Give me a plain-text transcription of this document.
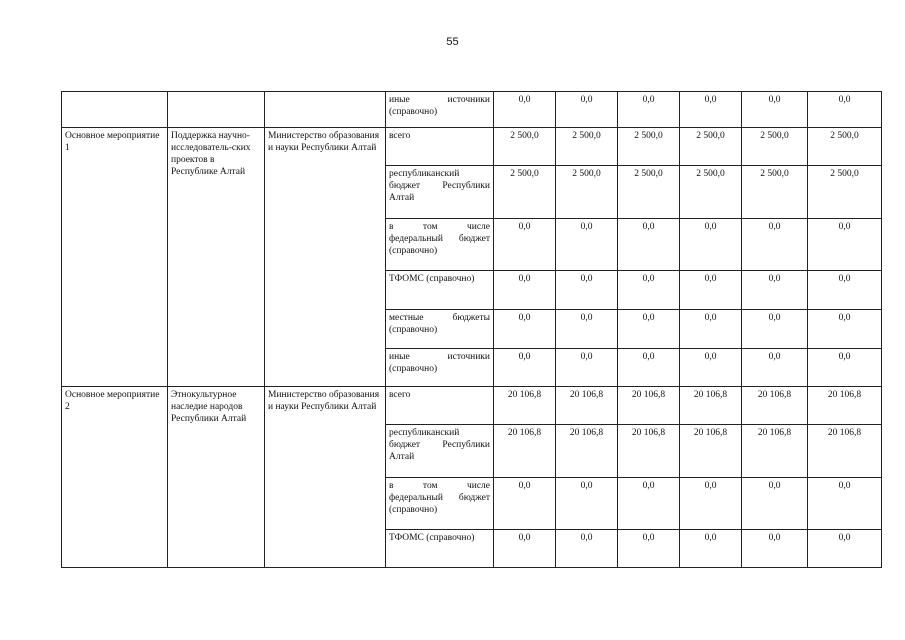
55
			иные источники (справочно)	0,0	0,0	0,0	0,0	0,0	0,0
Основное мероприятие 1	Поддержка научно-исследователь-ских проектов в Республике Алтай	Министерство образования и науки Республики Алтай	всего	2 500,0	2 500,0	2 500,0	2 500,0	2 500,0	2 500,0
			республиканский бюджет Республики Алтай	2 500,0	2 500,0	2 500,0	2 500,0	2 500,0	2 500,0
			в том числе федеральный бюджет (справочно)	0,0	0,0	0,0	0,0	0,0	0,0
			ТФОМС (справочно)	0,0	0,0	0,0	0,0	0,0	0,0
			местные бюджеты (справочно)	0,0	0,0	0,0	0,0	0,0	0,0
			иные источники (справочно)	0,0	0,0	0,0	0,0	0,0	0,0
Основное мероприятие 2	Этнокультурное наследие народов Республики Алтай	Министерство образования и науки Республики Алтай	всего	20 106,8	20 106,8	20 106,8	20 106,8	20 106,8	20 106,8
			республиканский бюджет Республики Алтай	20 106,8	20 106,8	20 106,8	20 106,8	20 106,8	20 106,8
			в том числе федеральный бюджет (справочно)	0,0	0,0	0,0	0,0	0,0	0,0
			ТФОМС (справочно)	0,0	0,0	0,0	0,0	0,0	0,0
